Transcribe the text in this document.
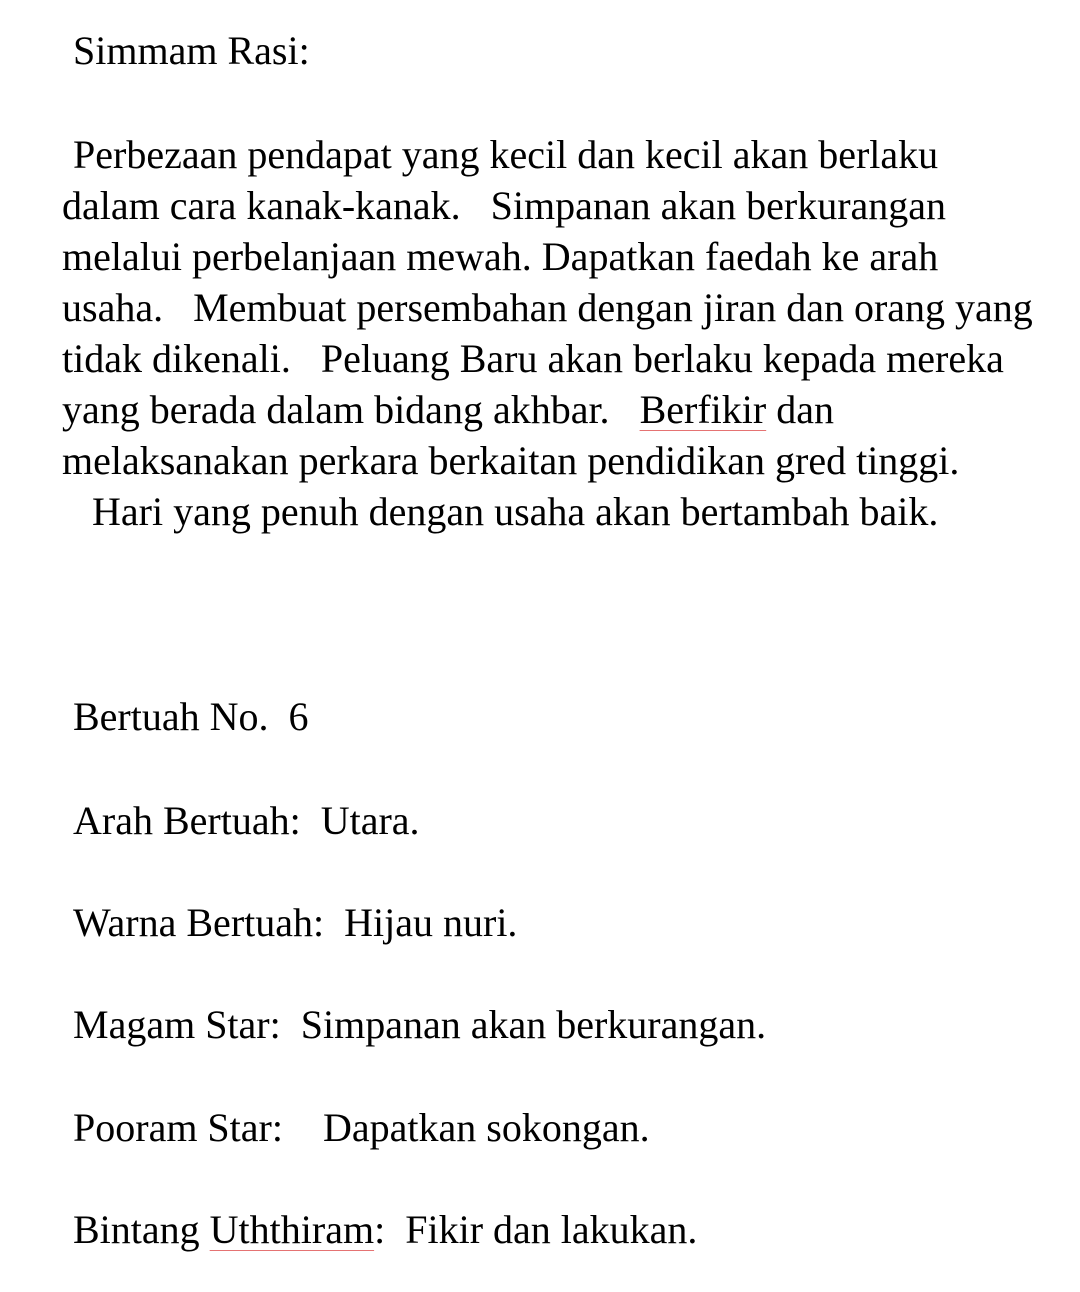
Simmam Rasi:

Perbezaan pendapat yang kecil dan kecil akan berlaku dalam cara kanak-kanak. Simpanan akan berkurangan melalui perbelanjaan mewah. Dapatkan faedah ke arah usaha. Membuat persembahan dengan jiran dan orang yang tidak dikenali. Peluang Baru akan berlaku kepada mereka yang berada dalam bidang akhbar. Berfikir dan melaksanakan perkara berkaitan pendidikan gred tinggi.   Hari yang penuh dengan usaha akan bertambah baik.

Bertuah No. 6

Arah Bertuah: Utara.

Warna Bertuah: Hijau nuri.

Magam Star: Simpanan akan berkurangan.

Pooram Star: Dapatkan sokongan.

Bintang Uththiram: Fikir dan lakukan.
